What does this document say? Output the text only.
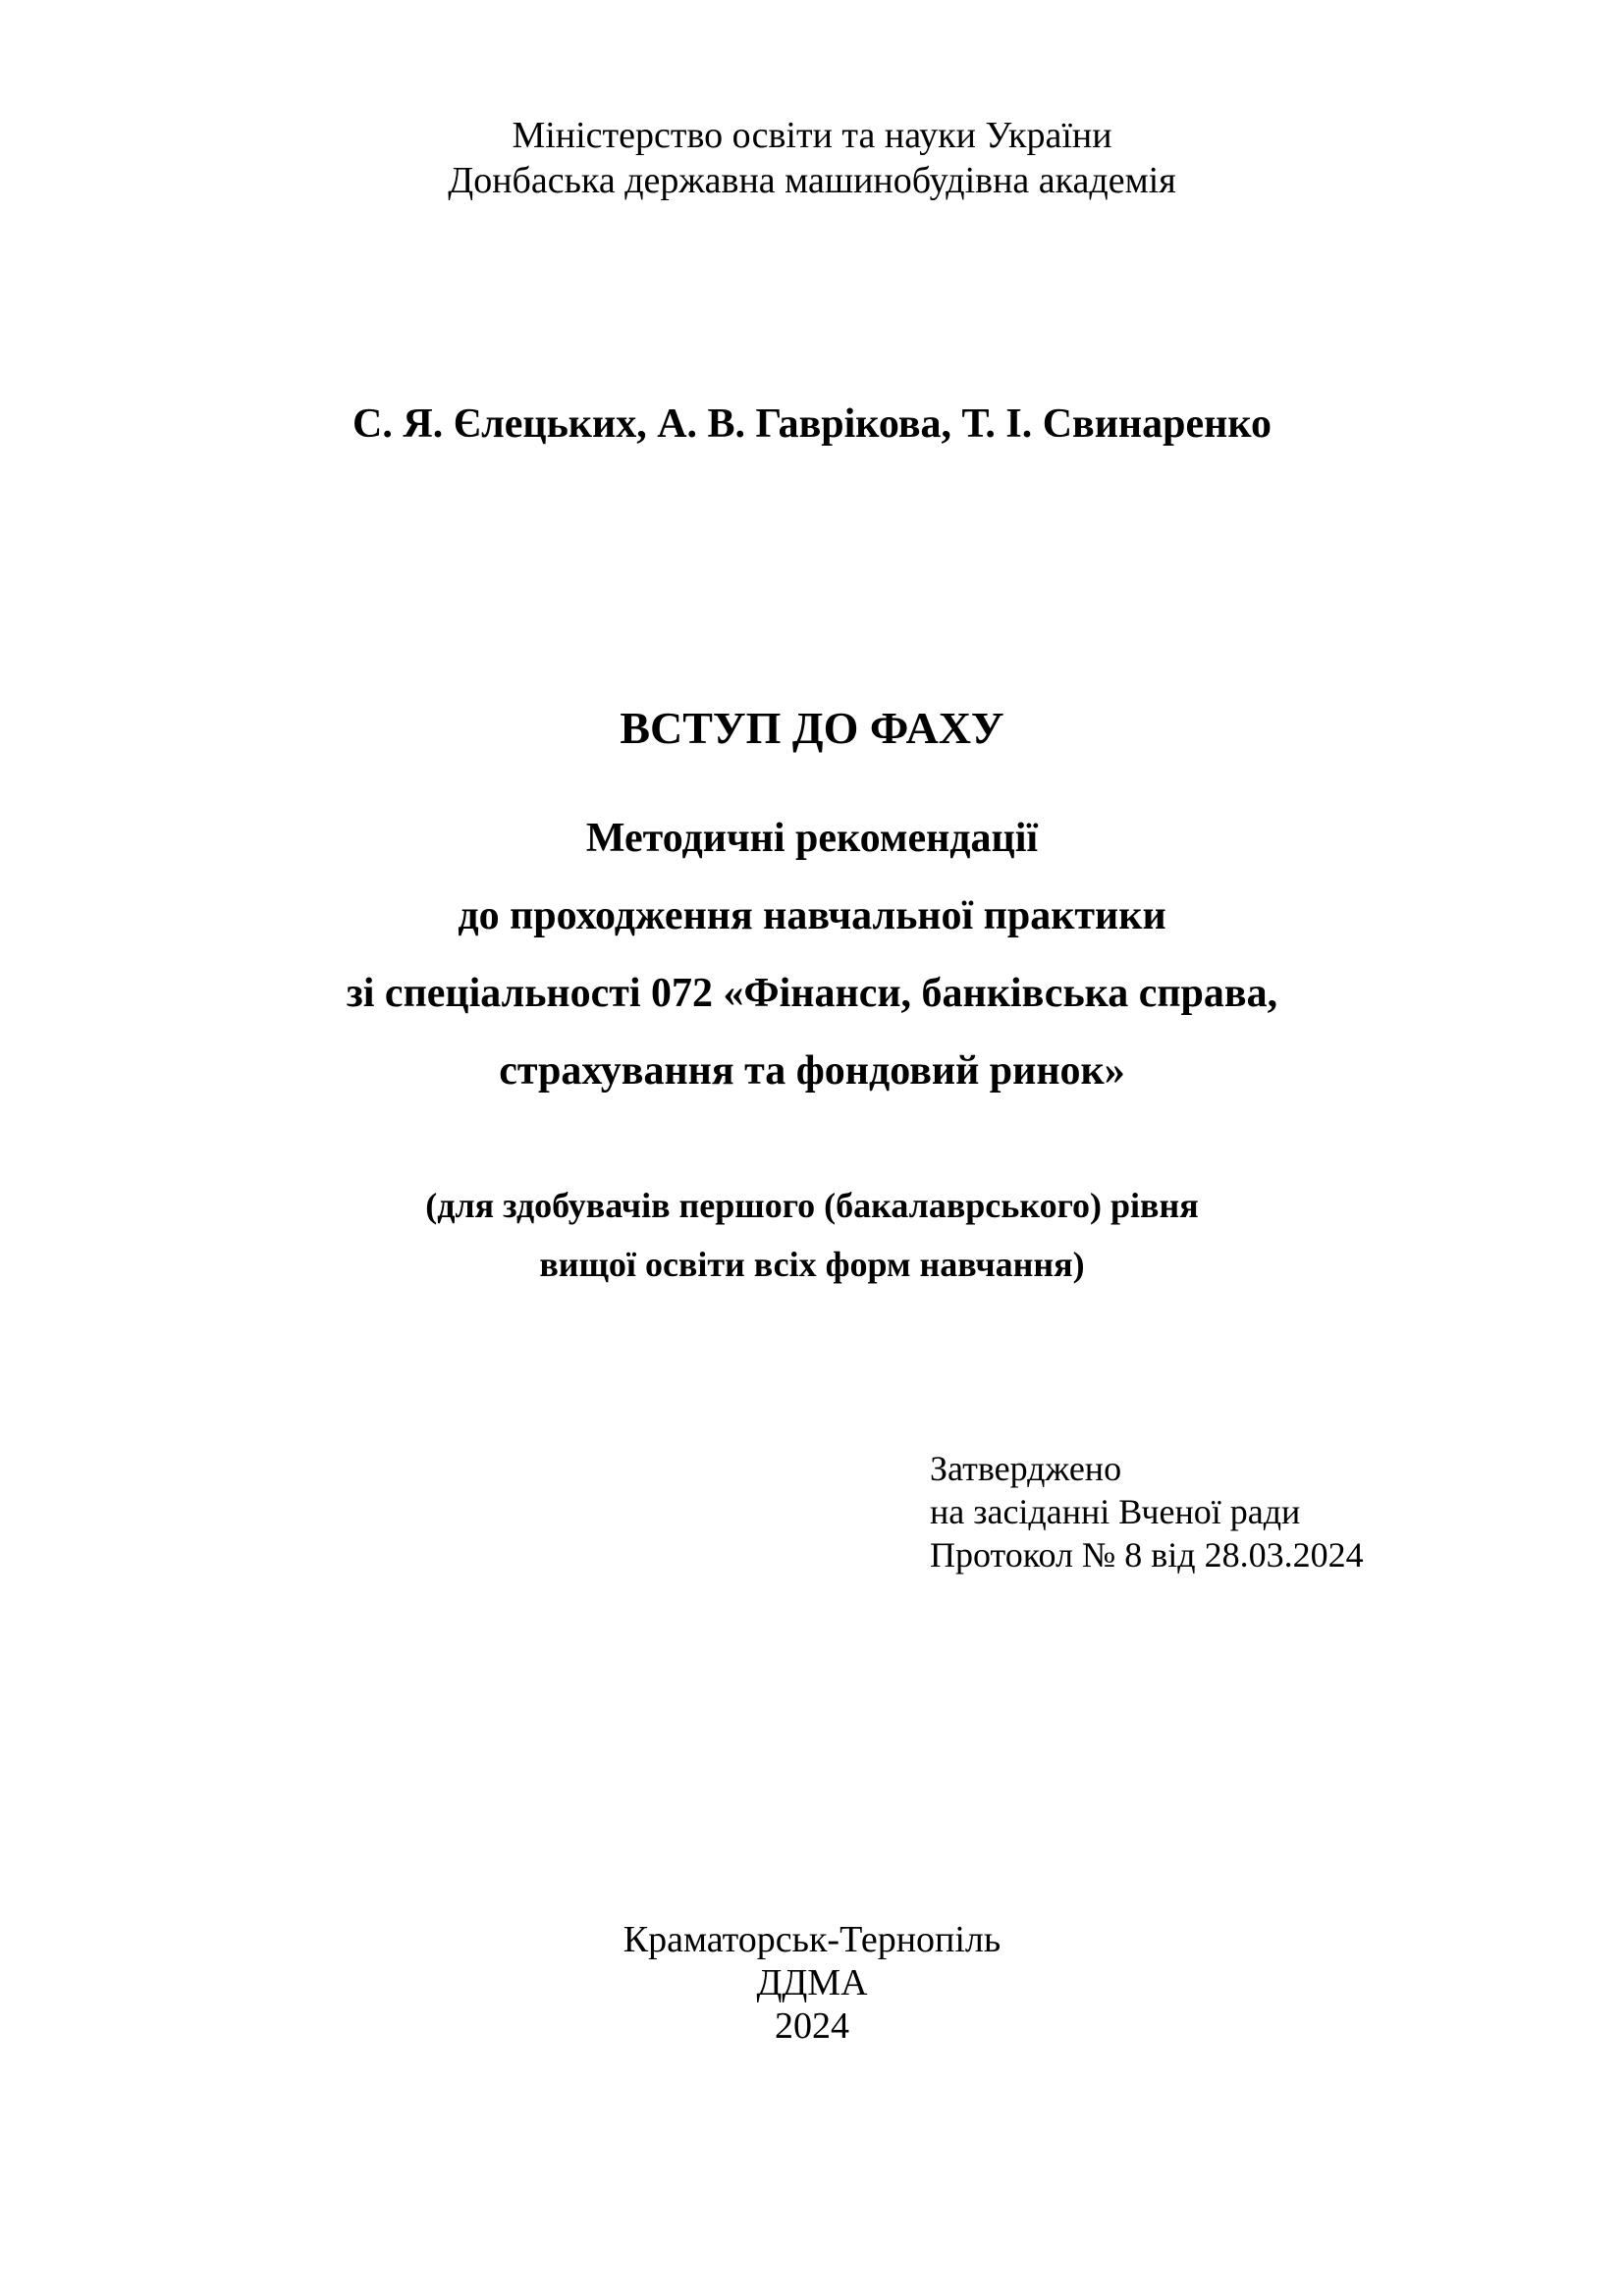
Міністерство освіти та науки України
Донбаська державна машинобудівна академія
С. Я. Єлецьких, А. В. Гаврікова, Т. І. Свинаренко
ВСТУП ДО ФАХУ
Методичні рекомендації
до проходження навчальної практики
зі спеціальності 072 «Фінанси, банківська справа,
страхування та фондовий ринок»
(для здобувачів першого (бакалаврського) рівня
вищої освіти всіх форм навчання)
Затверджено
на засіданні Вченої ради
Протокол № 8 від 28.03.2024
Краматорськ-Тернопіль
ДДМА
2024
